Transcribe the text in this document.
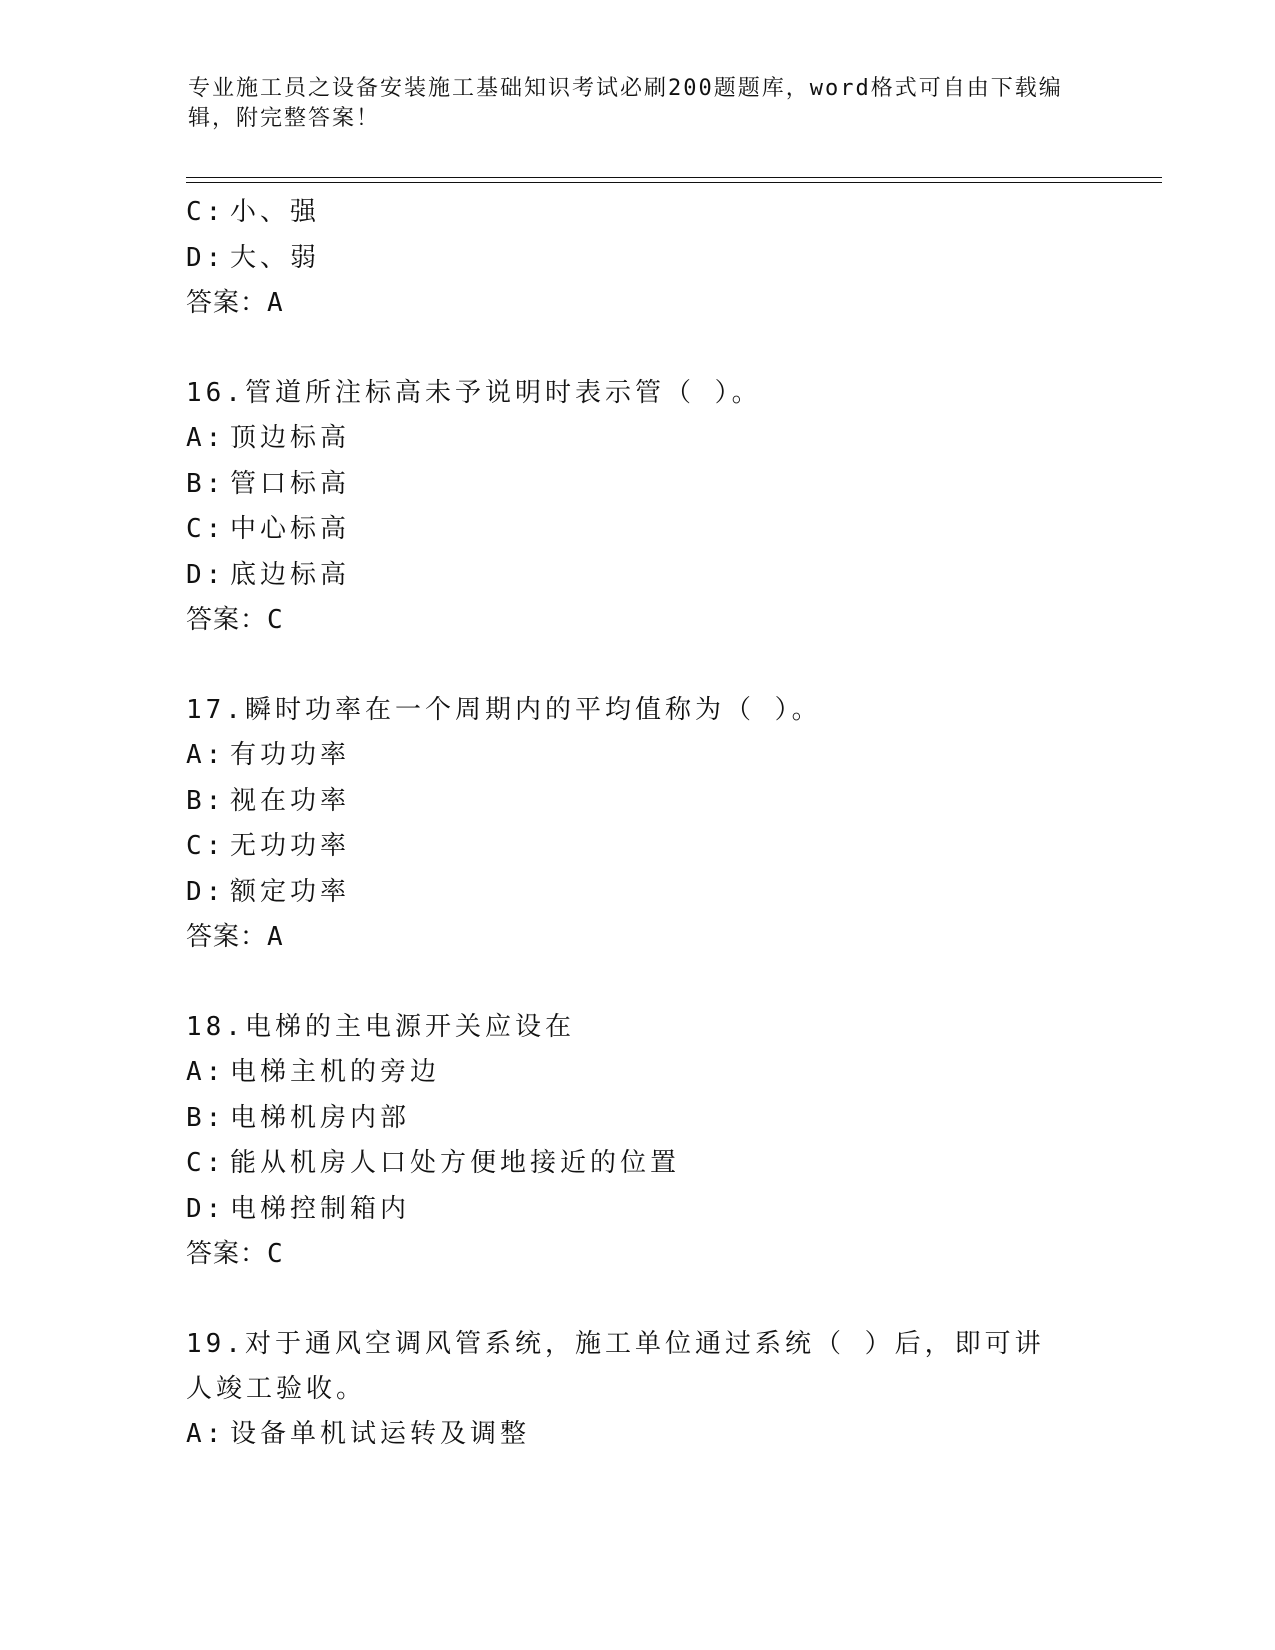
专业施工员之设备安装施工基础知识考试必刷200题题库，word格式可自由下载编辑，附完整答案！
C: 小、强
D: 大、弱
答案：A
16.管道所注标高未予说明时表示管（ ）。
A: 顶边标高
B: 管口标高
C: 中心标高
D: 底边标高
答案：C
17.瞬时功率在一个周期内的平均值称为（ ）。
A: 有功功率
B: 视在功率
C: 无功功率
D: 额定功率
答案：A
18.电梯的主电源开关应设在
A: 电梯主机的旁边
B: 电梯机房内部
C: 能从机房人口处方便地接近的位置
D: 电梯控制箱内
答案：C
19.对于通风空调风管系统，施工单位通过系统（ ）后，即可讲人竣工验收。
A: 设备单机试运转及调整
